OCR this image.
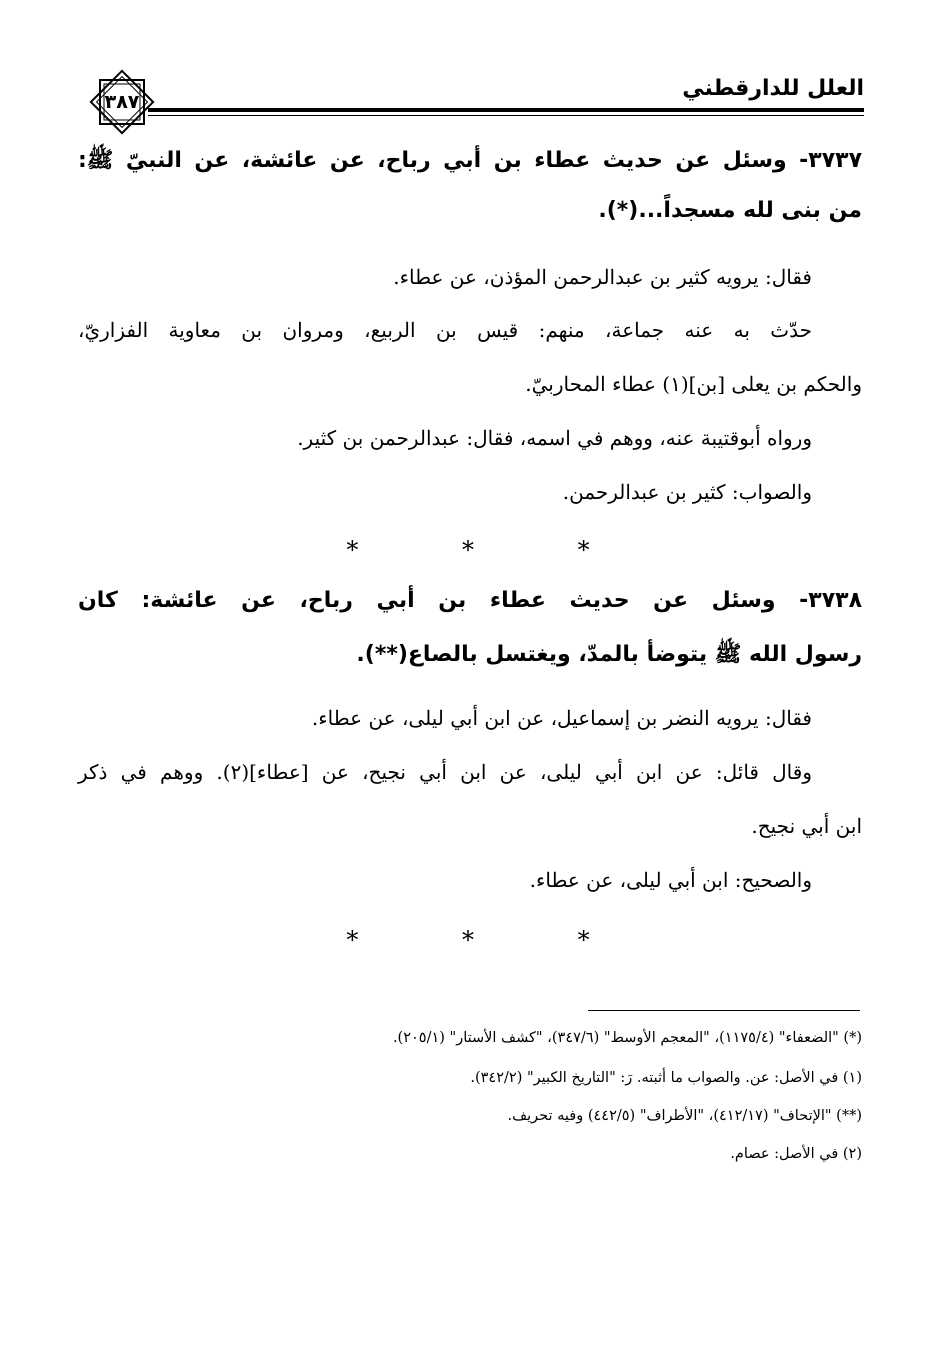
العلل للدارقطني
٣٨٧
٣٧٣٧- وسئل عن حديث عطاء بن أبي رباح، عن عائشة، عن النبيّ ﷺ:
من بنى لله مسجداً...(*).
فقال: يرويه كثير بن عبدالرحمن المؤذن، عن عطاء.
حدّث به عنه جماعة، منهم: قيس بن الربيع، ومروان بن معاوية الفزاريّ،
والحكم بن يعلى [بن](١) عطاء المحاربيّ.
ورواه أبوقتيبة عنه، ووهم في اسمه، فقال: عبدالرحمن بن كثير.
والصواب: كثير بن عبدالرحمن.
* * *
٣٧٣٨- وسئل عن حديث عطاء بن أبي رباح، عن عائشة: كان
رسول الله ﷺ يتوضأ بالمدّ، ويغتسل بالصاع(**).
فقال: يرويه النضر بن إسماعيل، عن ابن أبي ليلى، عن عطاء.
وقال قائل: عن ابن أبي ليلى، عن ابن أبي نجيح، عن [عطاء](٢). ووهم في ذكر
ابن أبي نجيح.
والصحيح: ابن أبي ليلى، عن عطاء.
* * *
(*) "الضعفاء" (١١٧٥/٤)، "المعجم الأوسط" (٣٤٧/٦)، "كشف الأستار" (٢٠٥/١).
(١) في الأصل: عن. والصواب ما أثبته. رَ: "التاريخ الكبير" (٣٤٢/٢).
(**) "الإتحاف" (٤١٢/١٧)، "الأطراف" (٤٤٢/٥) وفيه تحريف.
(٢) في الأصل: عصام.
